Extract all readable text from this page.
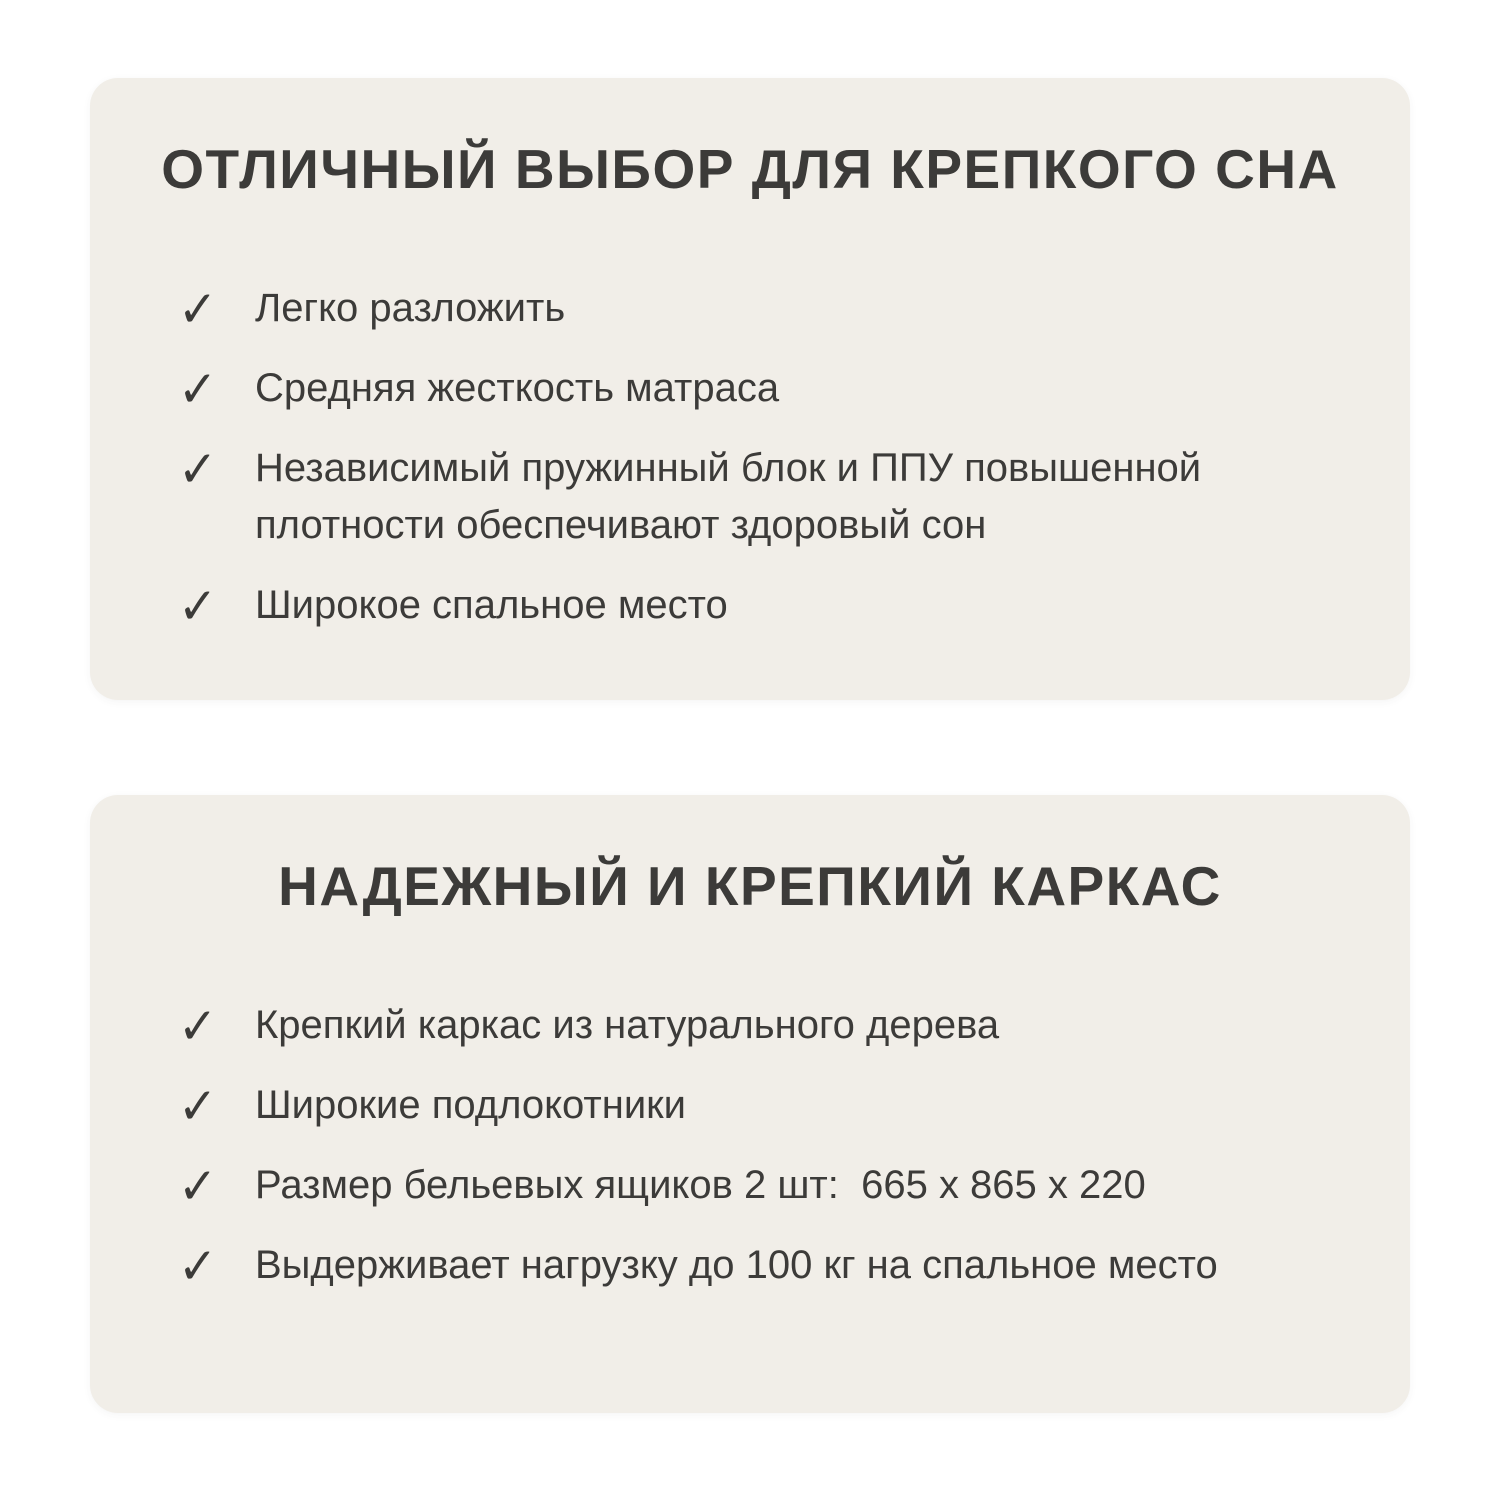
ОТЛИЧНЫЙ ВЫБОР ДЛЯ КРЕПКОГО СНА
✓ Легко разложить
✓ Средняя жесткость матраса
✓ Независимый пружинный блок и ППУ повышенной плотности обеспечивают здоровый сон
✓ Широкое спальное место
НАДЕЖНЫЙ И КРЕПКИЙ КАРКАС
✓ Крепкий каркас из натурального дерева
✓ Широкие подлокотники
✓ Размер бельевых ящиков 2 шт:  665 х 865 х 220
✓ Выдерживает нагрузку до 100 кг на спальное место
